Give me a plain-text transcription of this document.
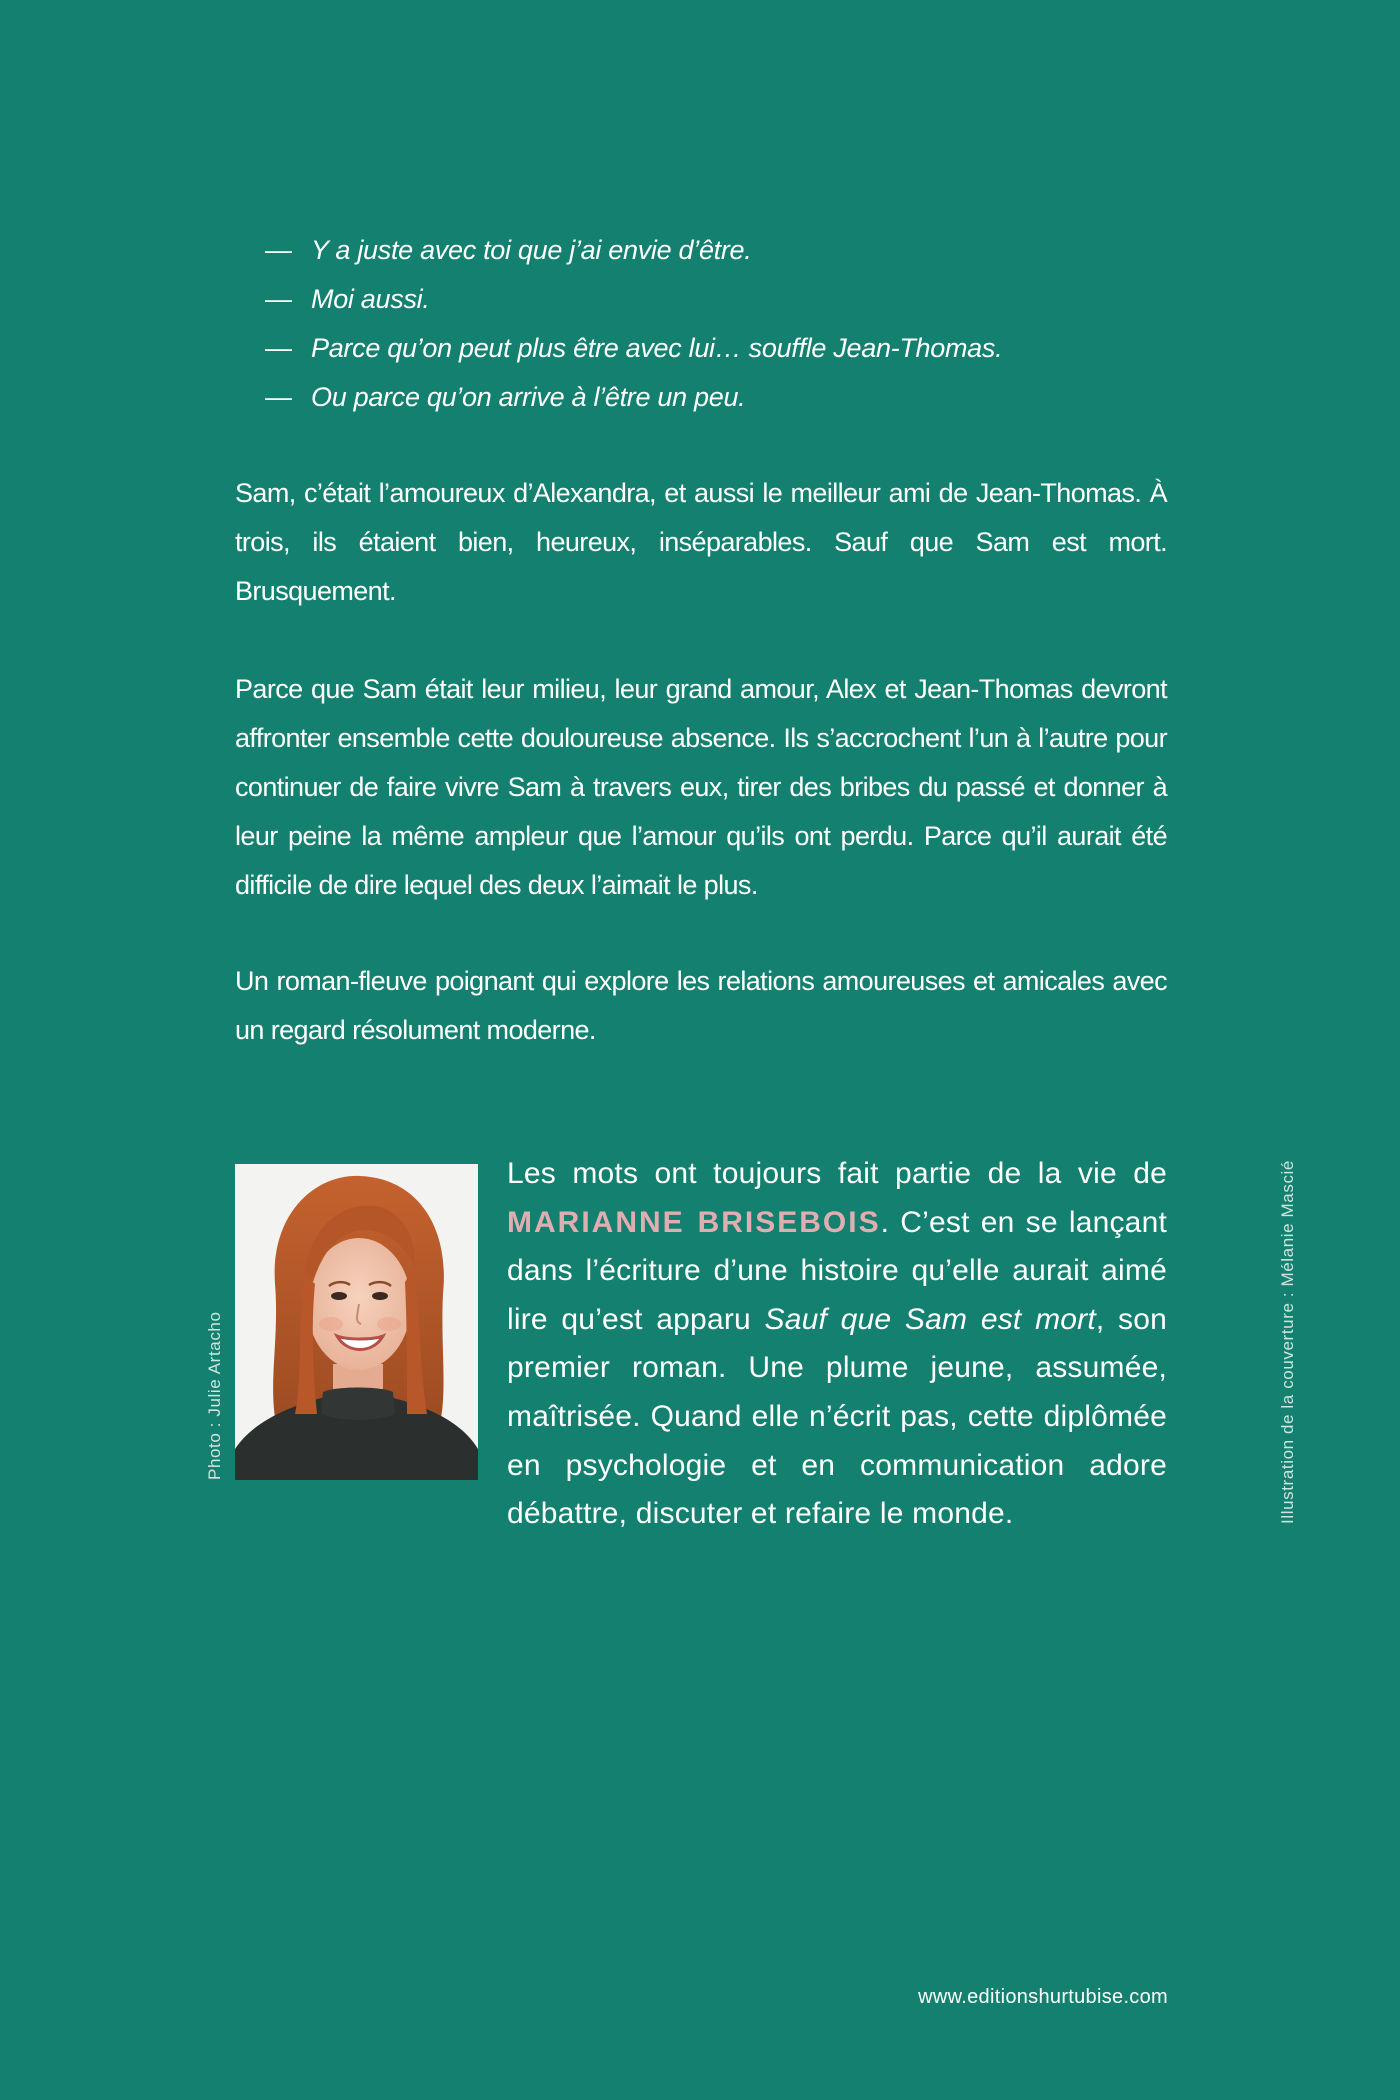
— Y a juste avec toi que j’ai envie d’être.
— Moi aussi.
— Parce qu’on peut plus être avec lui… souffle Jean-Thomas.
— Ou parce qu’on arrive à l’être un peu.

Sam, c’était l’amoureux d’Alexandra, et aussi le meilleur ami de Jean-Thomas. À trois, ils étaient bien, heureux, inséparables. Sauf que Sam est mort. Brusquement.

Parce que Sam était leur milieu, leur grand amour, Alex et Jean-Thomas devront affronter ensemble cette douloureuse absence. Ils s’accrochent l’un à l’autre pour continuer de faire vivre Sam à travers eux, tirer des bribes du passé et donner à leur peine la même ampleur que l’amour qu’ils ont perdu. Parce qu’il aurait été difficile de dire lequel des deux l’aimait le plus.

Un roman-fleuve poignant qui explore les relations amoureuses et amicales avec un regard résolument moderne.

Photo : Julie Artacho

Les mots ont toujours fait partie de la vie de MARIANNE BRISEBOIS. C’est en se lançant dans l’écriture d’une histoire qu’elle aurait aimé lire qu’est apparu Sauf que Sam est mort, son premier roman. Une plume jeune, assumée, maîtrisée. Quand elle n’écrit pas, cette diplômée en psychologie et en communication adore débattre, discuter et refaire le monde.	Illustration de la couverture : Mélanie Mascié
www.editionshurtubise.com
